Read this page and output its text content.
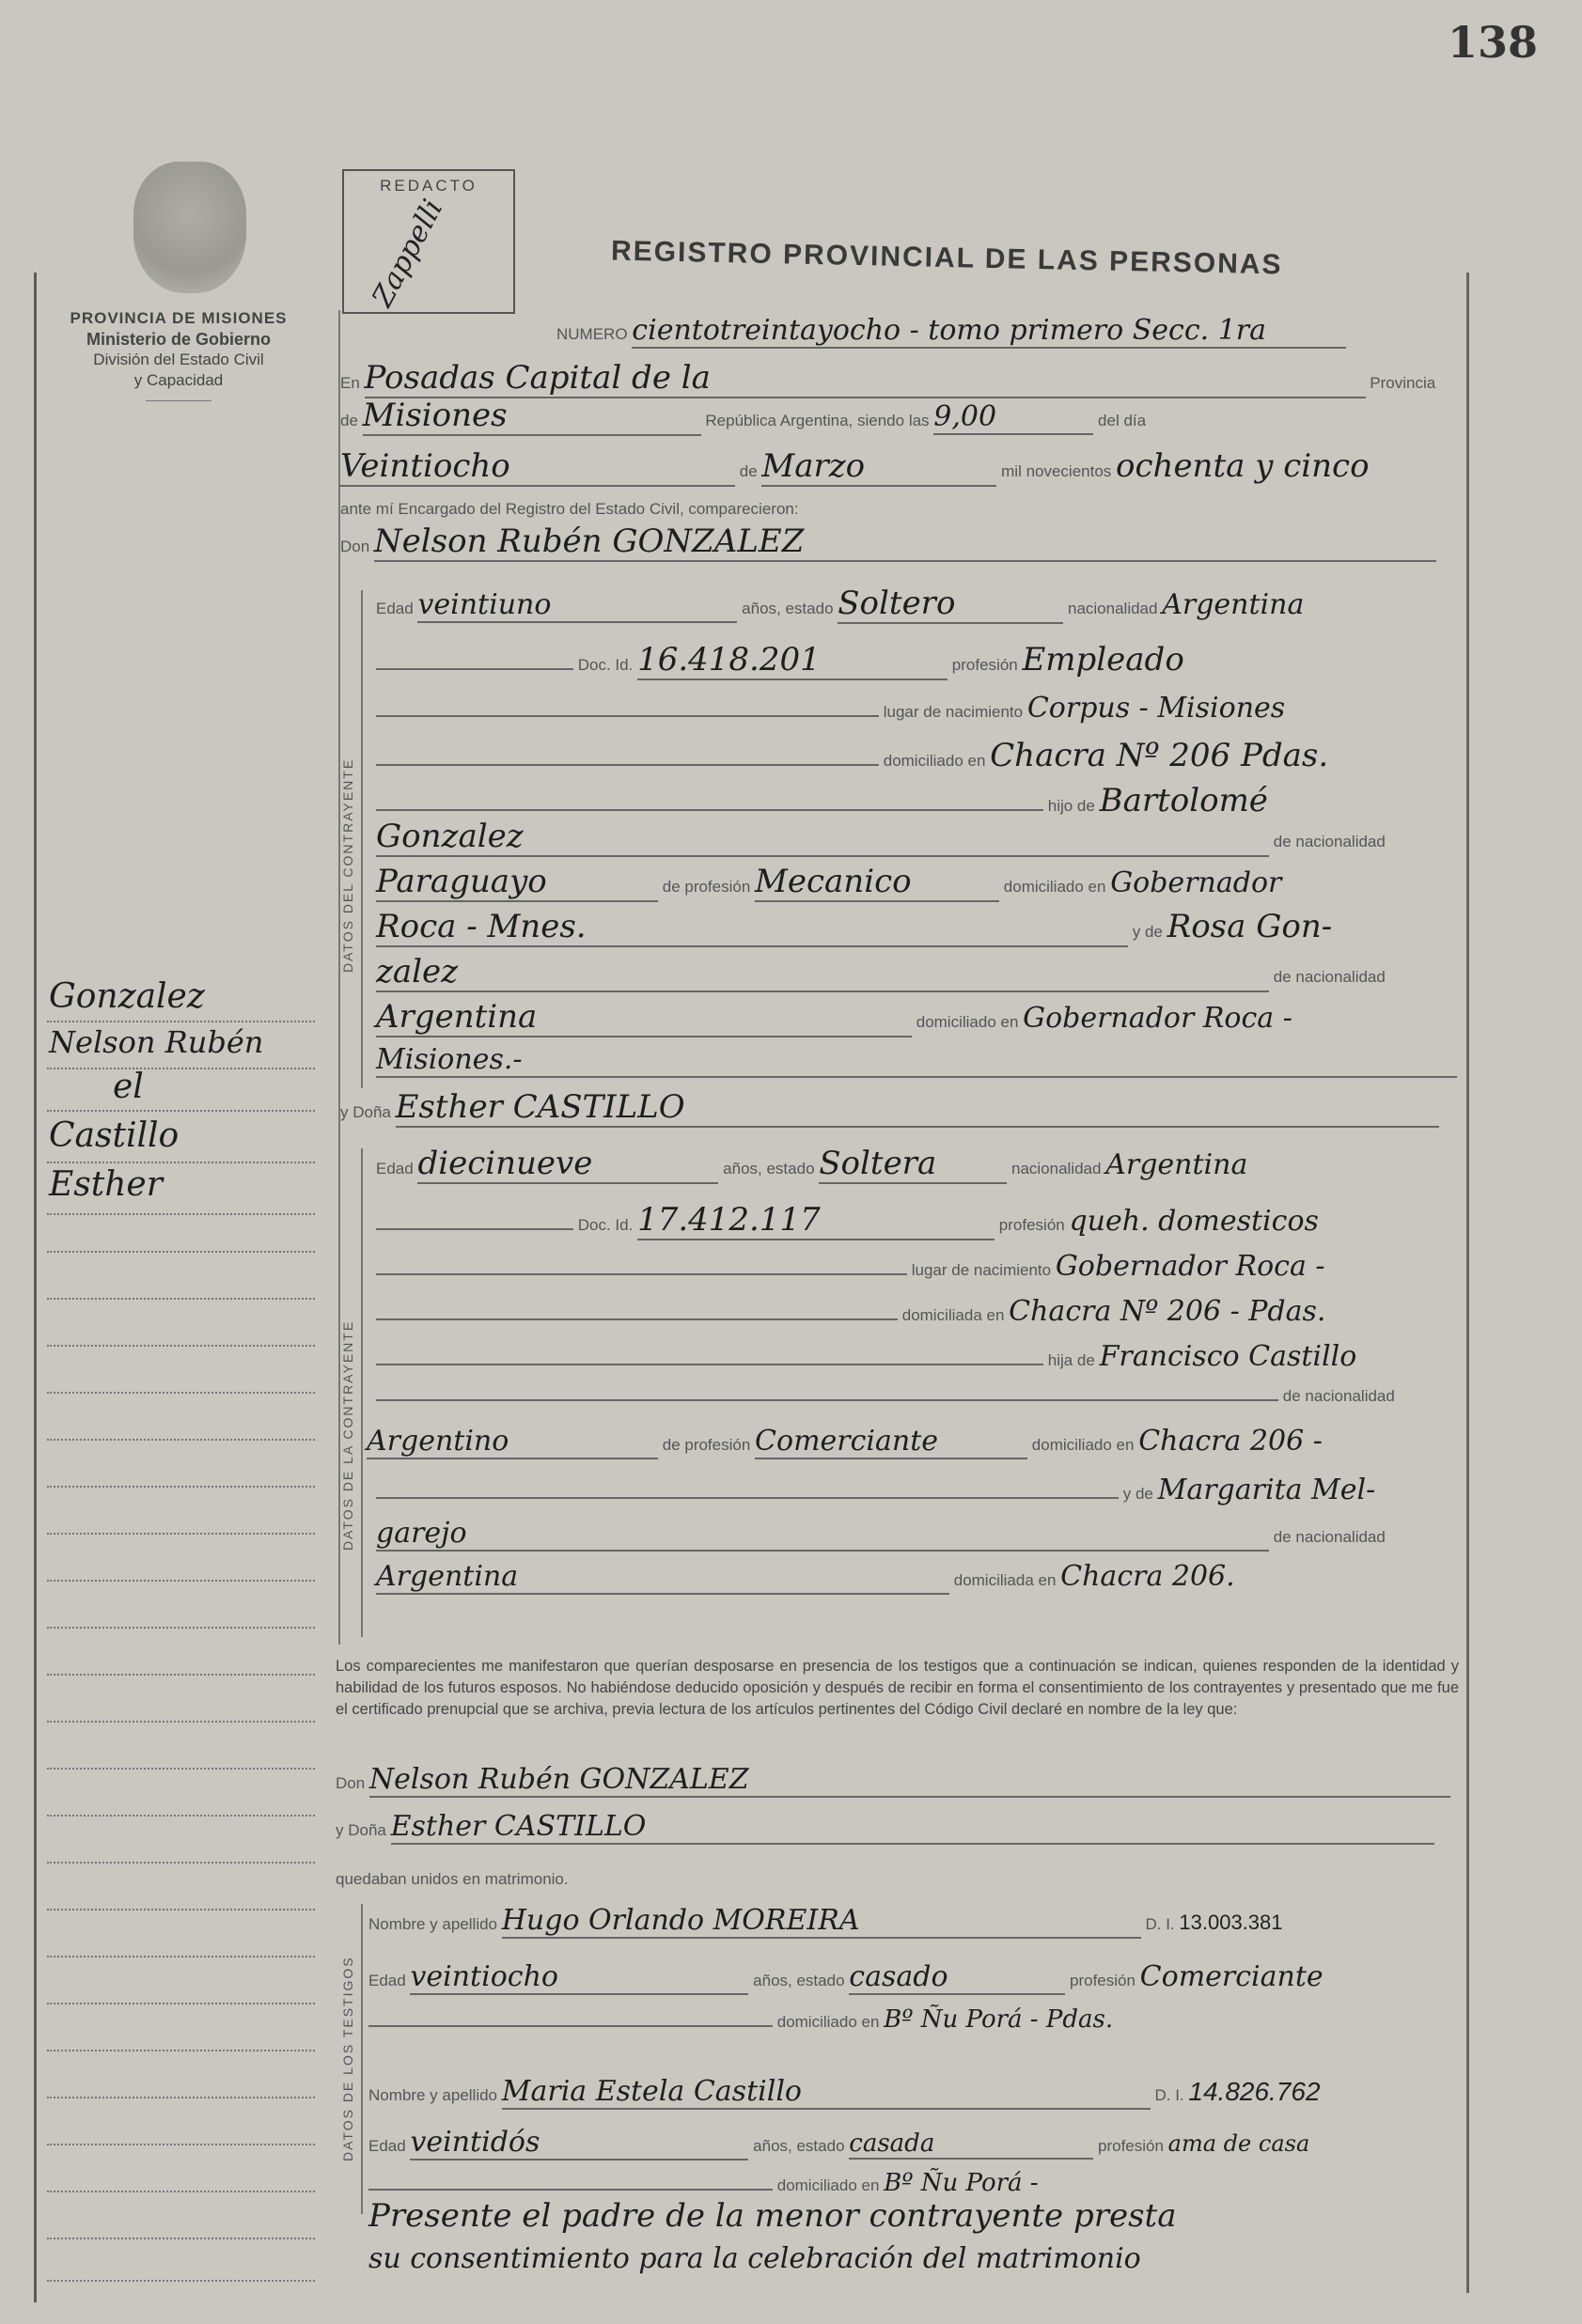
138
PROVINCIA DE MISIONES
Ministerio de Gobierno
División del Estado Civil
y Capacidad
REDACTO
Zappelli	REGISTRO PROVINCIAL DE LAS PERSONAS
NUMERO cientotreintayocho - tomo primero Secc. 1ra
En Posadas Capital de la	Provincia
de Misiones	República Argentina, siendo las 9,00	del día
Veintiocho	de Marzo	mil novecientos ochenta y cinco
ante mí Encargado del Registro del Estado Civil, comparecieron:
Don Nelson Rubén GONZALEZ
DATOS DEL CONTRAYENTE
Edad veintiuno	años, estado Soltero	nacionalidad Argentina
Doc. Id. 16.418.201	profesión Empleado
lugar de nacimiento Corpus - Misiones
domiciliado en Chacra Nº 206 Pdas.
hijo de Bartolomé
Gonzalez	de nacionalidad
Paraguayo	de profesión Mecanico	domiciliado en Gobernador
Roca - Mnes.	y de Rosa Gon-
zalez	de nacionalidad
Argentina	domiciliado en Gobernador Roca -
Misiones.-
y Doña Esther CASTILLO
DATOS DE LA CONTRAYENTE
Edad diecinueve	años, estado Soltera	nacionalidad Argentina
Doc. Id. 17.412.117	profesión queh. domesticos
lugar de nacimiento Gobernador Roca -
domiciliada en Chacra Nº 206 - Pdas.
hija de Francisco Castillo
de nacionalidad
Argentino	de profesión Comerciante	domiciliado en Chacra 206 -
y de Margarita Mel-
garejo	de nacionalidad
Argentina	domiciliada en Chacra 206.
Los comparecientes me manifestaron que querían desposarse en presencia de los testigos que a continuación se indican, quienes responden de la identidad y habilidad de los futuros esposos. No habiéndose deducido oposición y después de recibir en forma el consentimiento de los contrayentes y presentado que me fue el certificado prenupcial que se archiva, previa lectura de los artículos pertinentes del Código Civil declaré en nombre de la ley que:
Don Nelson Rubén GONZALEZ
y Doña Esther CASTILLO
quedaban unidos en matrimonio.
DATOS DE LOS TESTIGOS
Nombre y apellido Hugo Orlando MOREIRA	D. I. 13.003.381
Edad veintiocho	años, estado casado	profesión Comerciante
domiciliado en Bº Ñu Porá - Pdas.
Nombre y apellido Maria Estela Castillo	D. I. 14.826.762
Edad veintidós	años, estado casada	profesión ama de casa
domiciliado en Bº Ñu Porá -
Presente el padre de la menor contrayente presta
su consentimiento para la celebración del matrimonio
Gonzalez
Nelson Rubén
el
Castillo
Esther
